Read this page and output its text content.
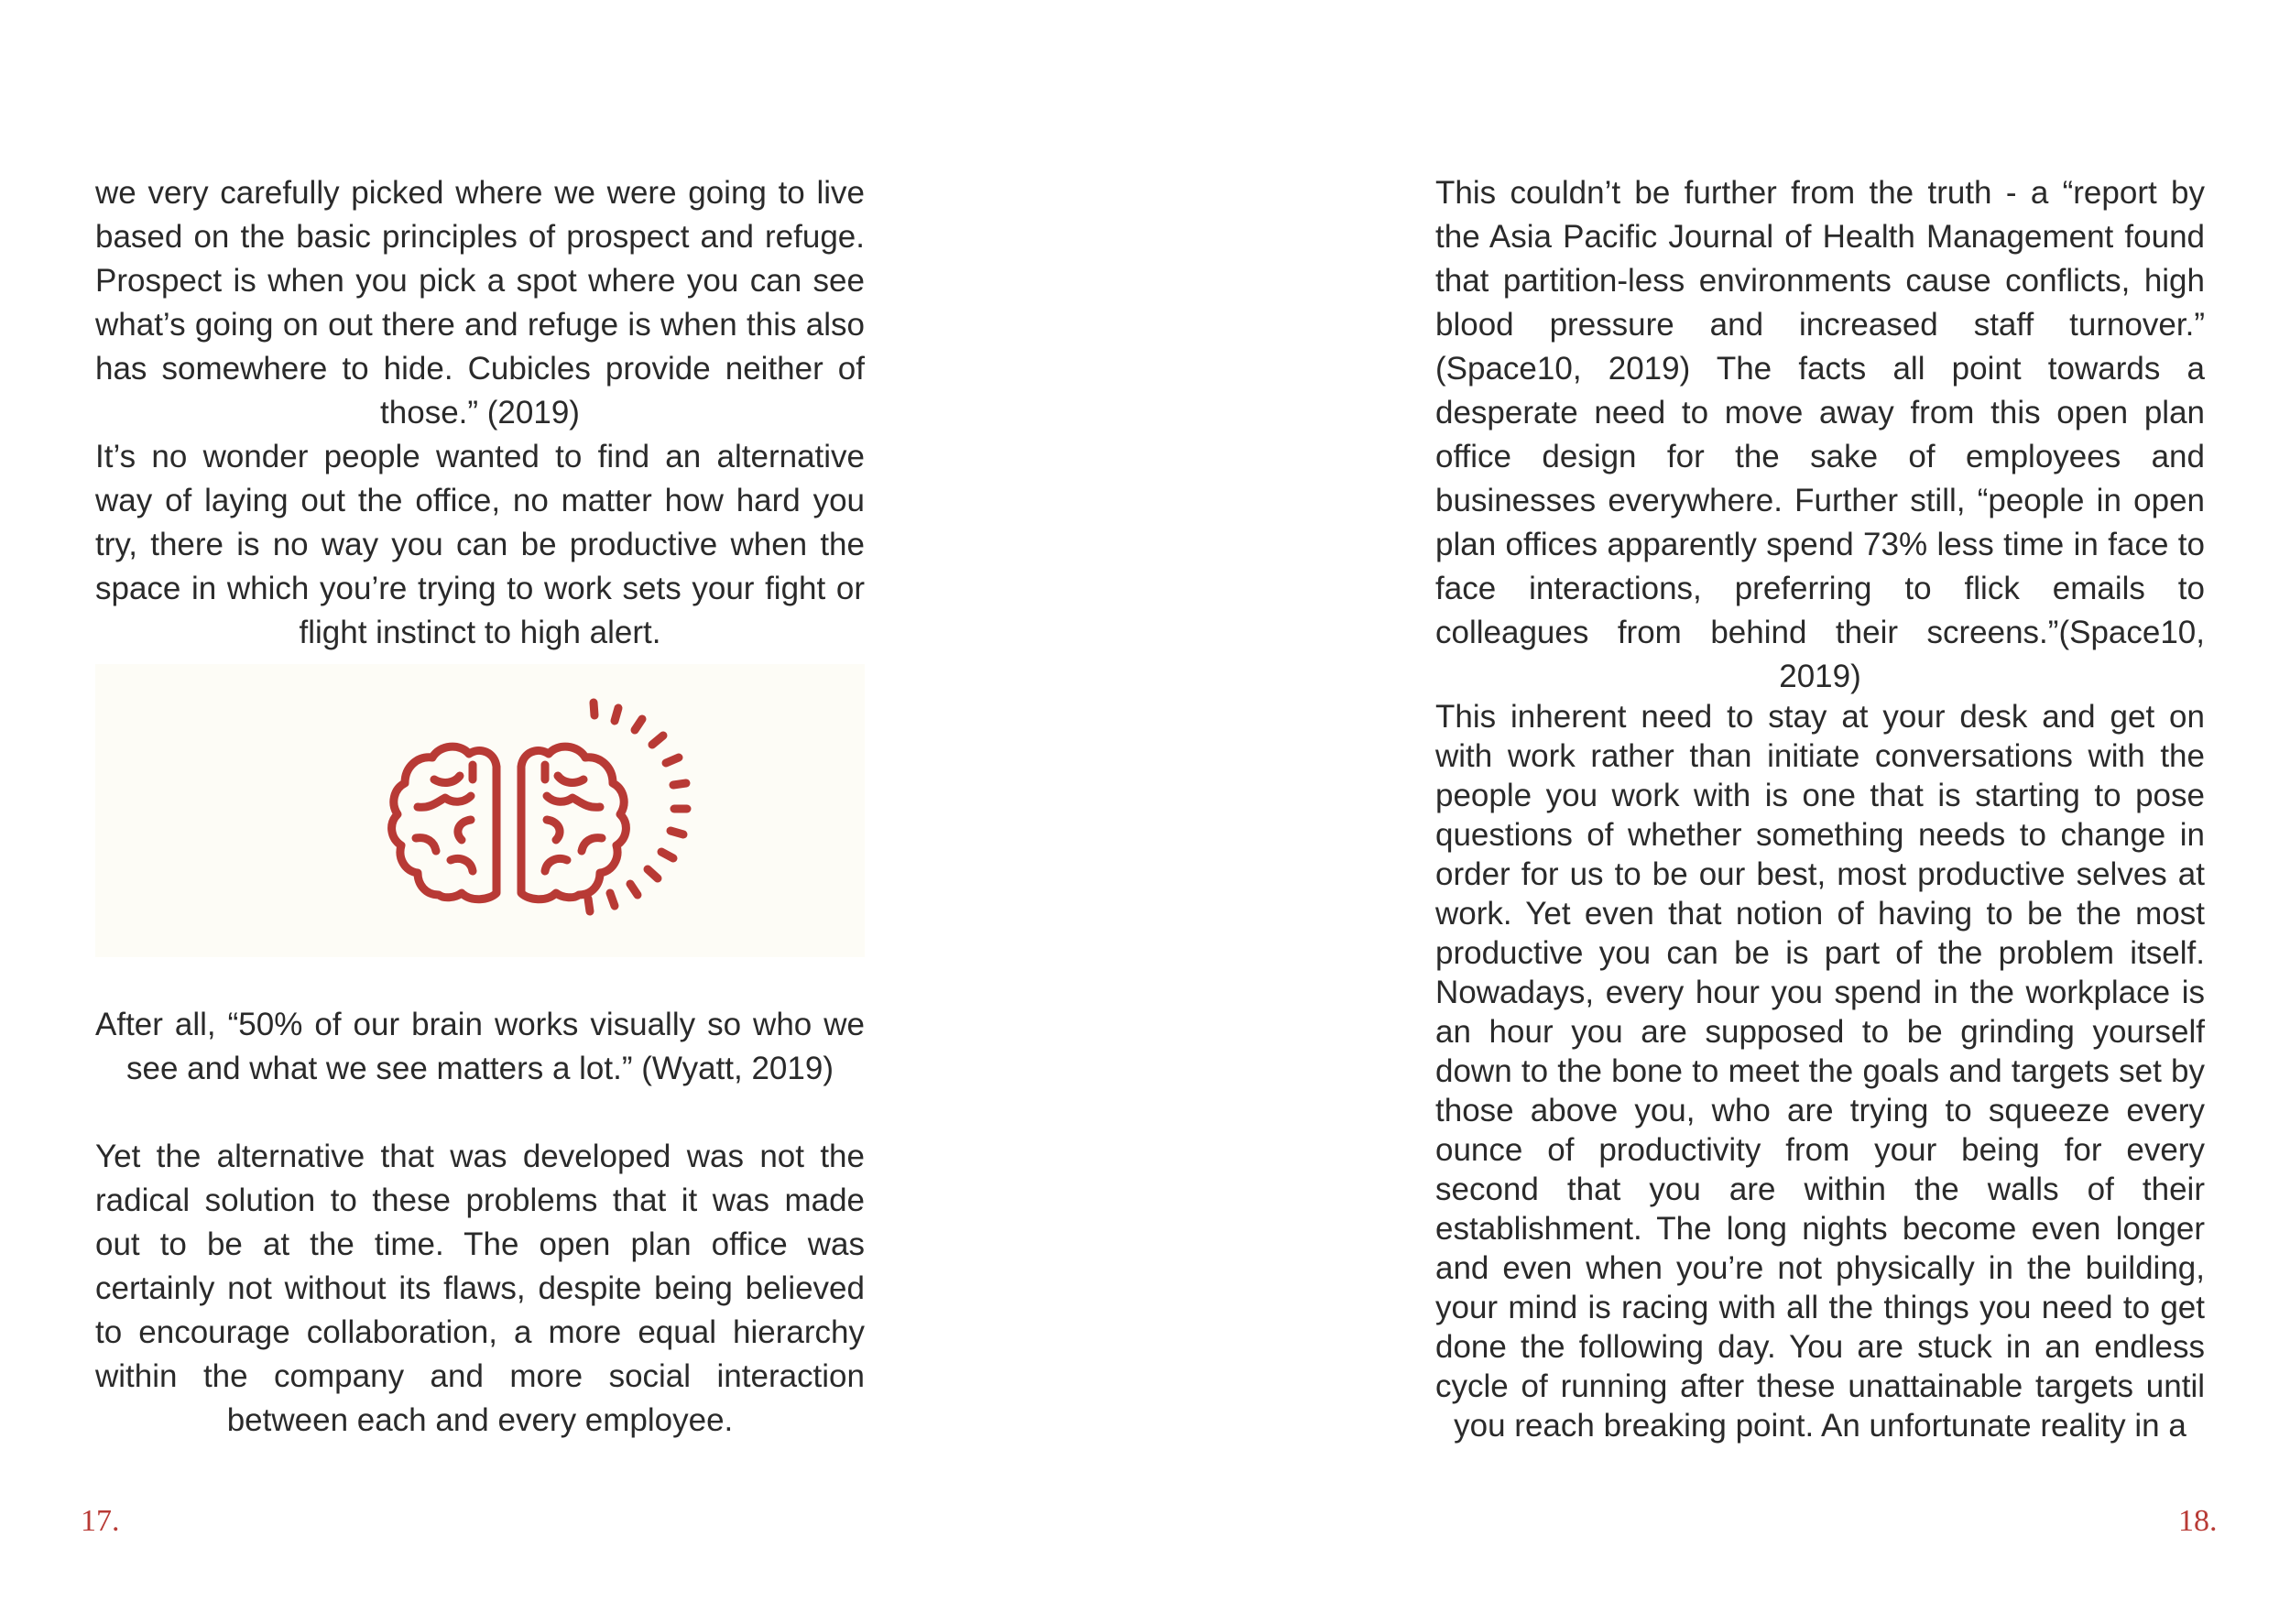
we very carefully picked where we were going to live based on the basic principles of prospect and refuge. Prospect is when you pick a spot where you can see what’s going on out there and refuge is when this also has somewhere to hide. Cubicles provide neither of those.” (2019)

It’s no wonder people wanted to find an alternative way of laying out the office, no matter how hard you try, there is no way you can be productive when the space in which you’re trying to work sets your fight or flight instinct to high alert.

After all, “50% of our brain works visually so who we see and what we see matters a lot.” (Wyatt, 2019)

Yet the alternative that was developed was not the radical solution to these problems that it was made out to be at the time. The open plan office was certainly not without its flaws, despite being believed to encourage collaboration, a more equal hierarchy within the company and more social interaction between each and every employee.

17.

This couldn’t be further from the truth - a “report by the Asia Pacific Journal of Health Management found that partition-less environments cause conflicts, high blood pressure and increased staff turnover.” (Space10, 2019) The facts all point towards a desperate need to move away from this open plan office design for the sake of employees and businesses everywhere. Further still, “people in open plan offices apparently spend 73% less time in face to face interactions, preferring to flick emails to colleagues from behind their screens.”(Space10, 2019)

This inherent need to stay at your desk and get on with work rather than initiate conversations with the people you work with is one that is starting to pose questions of whether something needs to change in order for us to be our best, most productive selves at work. Yet even that notion of having to be the most productive you can be is part of the problem itself. Nowadays, every hour you spend in the workplace is an hour you are supposed to be grinding yourself down to the bone to meet the goals and targets set by those above you, who are trying to squeeze every ounce of productivity from your being for every second that you are within the walls of their establishment. The long nights become even longer and even when you’re not physically in the building, your mind is racing with all the things you need to get done the following day. You are stuck in an endless cycle of running after these unattainable targets until you reach breaking point. An unfortunate reality in a

18.
